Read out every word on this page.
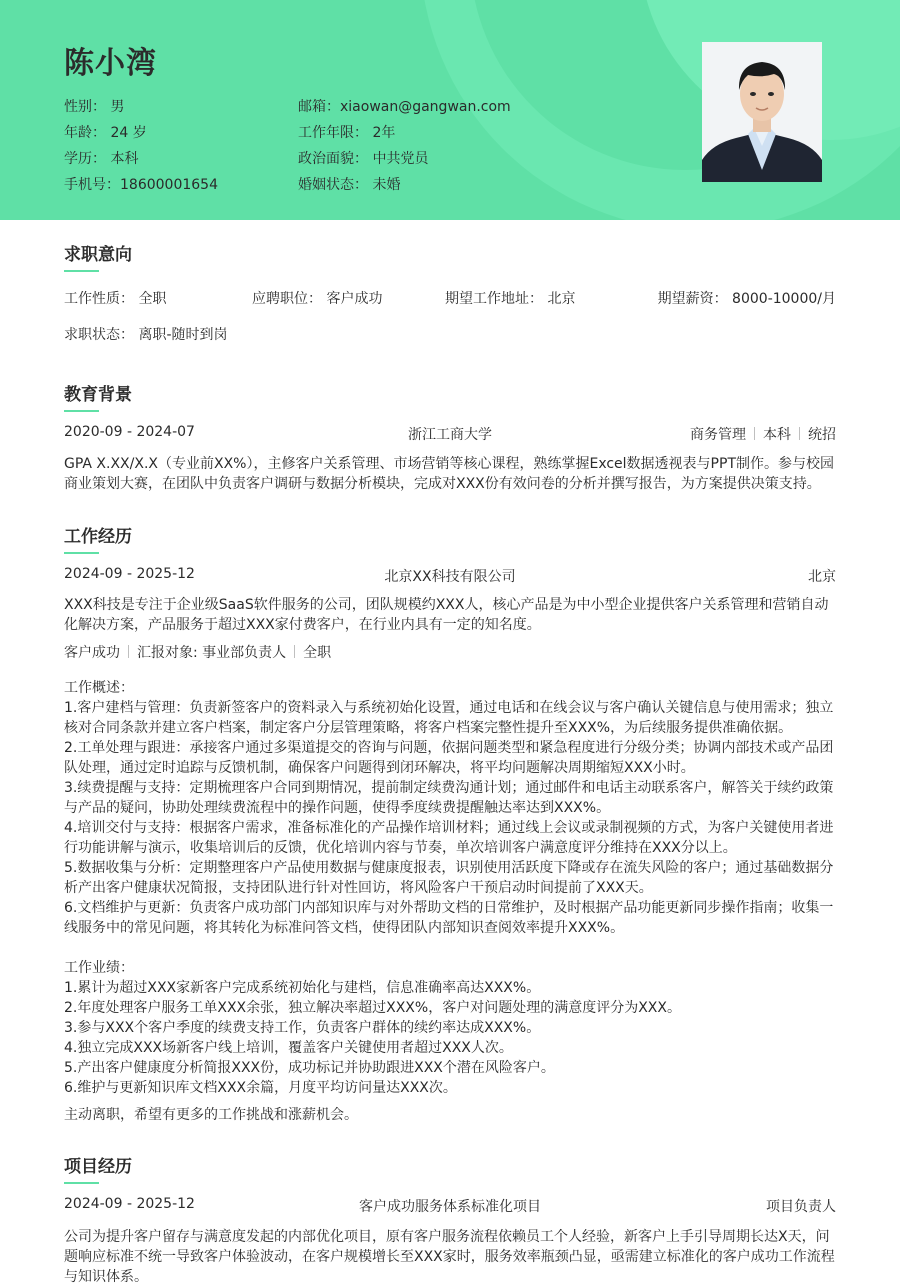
陈小湾
性别： 男
年龄： 24 岁
学历： 本科
手机号：18600001654
邮箱：xiaowan@gangwan.com
工作年限： 2年
政治面貌： 中共党员
婚姻状态： 未婚
求职意向
工作性质： 全职	应聘职位： 客户成功	期望工作地址： 北京	期望薪资： 8000-10000/月
求职状态： 离职-随时到岗
教育背景
2020-09 - 2024-07	浙江工商大学	商务管理 本科 统招

GPA X.XX/X.X（专业前XX%），主修客户关系管理、市场营销等核心课程，熟练掌握Excel数据透视表与PPT制作。参与校园商业策划大赛，在团队中负责客户调研与数据分析模块，完成对XXX份有效问卷的分析并撰写报告，为方案提供决策支持。

工作经历
2024-09 - 2025-12	北京XX科技有限公司	北京

XXX科技是专注于企业级SaaS软件服务的公司，团队规模约XXX人，核心产品是为中小型企业提供客户关系管理和营销自动化解决方案，产品服务于超过XXX家付费客户，在行业内具有一定的知名度。

客户成功 汇报对象: 事业部负责人 全职
工作概述：
1.客户建档与管理：负责新签客户的资料录入与系统初始化设置，通过电话和在线会议与客户确认关键信息与使用需求；独立
核对合同条款并建立客户档案，制定客户分层管理策略，将客户档案完整性提升至XXX%，为后续服务提供准确依据。
2.工单处理与跟进：承接客户通过多渠道提交的咨询与问题，依据问题类型和紧急程度进行分级分类；协调内部技术或产品团
队处理，通过定时追踪与反馈机制，确保客户问题得到闭环解决，将平均问题解决周期缩短XXX小时。
3.续费提醒与支持：定期梳理客户合同到期情况，提前制定续费沟通计划；通过邮件和电话主动联系客户，解答关于续约政策
与产品的疑问，协助处理续费流程中的操作问题，使得季度续费提醒触达率达到XXX%。
4.培训交付与支持：根据客户需求，准备标准化的产品操作培训材料；通过线上会议或录制视频的方式，为客户关键使用者进
行功能讲解与演示，收集培训后的反馈，优化培训内容与节奏，单次培训客户满意度评分维持在XXX分以上。
5.数据收集与分析：定期整理客户产品使用数据与健康度报表，识别使用活跃度下降或存在流失风险的客户；通过基础数据分
析产出客户健康状况简报，支持团队进行针对性回访，将风险客户干预启动时间提前了XXX天。
6.文档维护与更新：负责客户成功部门内部知识库与对外帮助文档的日常维护，及时根据产品功能更新同步操作指南；收集一
线服务中的常见问题，将其转化为标准问答文档，使得团队内部知识查阅效率提升XXX%。
工作业绩：
1.累计为超过XXX家新客户完成系统初始化与建档，信息准确率高达XXX%。
2.年度处理客户服务工单XXX余张，独立解决率超过XXX%，客户对问题处理的满意度评分为XXX。
3.参与XXX个客户季度的续费支持工作，负责客户群体的续约率达成XXX%。
4.独立完成XXX场新客户线上培训，覆盖客户关键使用者超过XXX人次。
5.产出客户健康度分析简报XXX份，成功标记并协助跟进XXX个潜在风险客户。
6.维护与更新知识库文档XXX余篇，月度平均访问量达XXX次。
主动离职，希望有更多的工作挑战和涨薪机会。
项目经历
2024-09 - 2025-12	客户成功服务体系标准化项目	项目负责人
公司为提升客户留存与满意度发起的内部优化项目，原有客户服务流程依赖员工个人经验，新客户上手引导周期长达X天，问
题响应标准不统一导致客户体验波动，在客户规模增长至XXX家时，服务效率瓶颈凸显，亟需建立标准化的客户成功工作流程
与知识体系。
